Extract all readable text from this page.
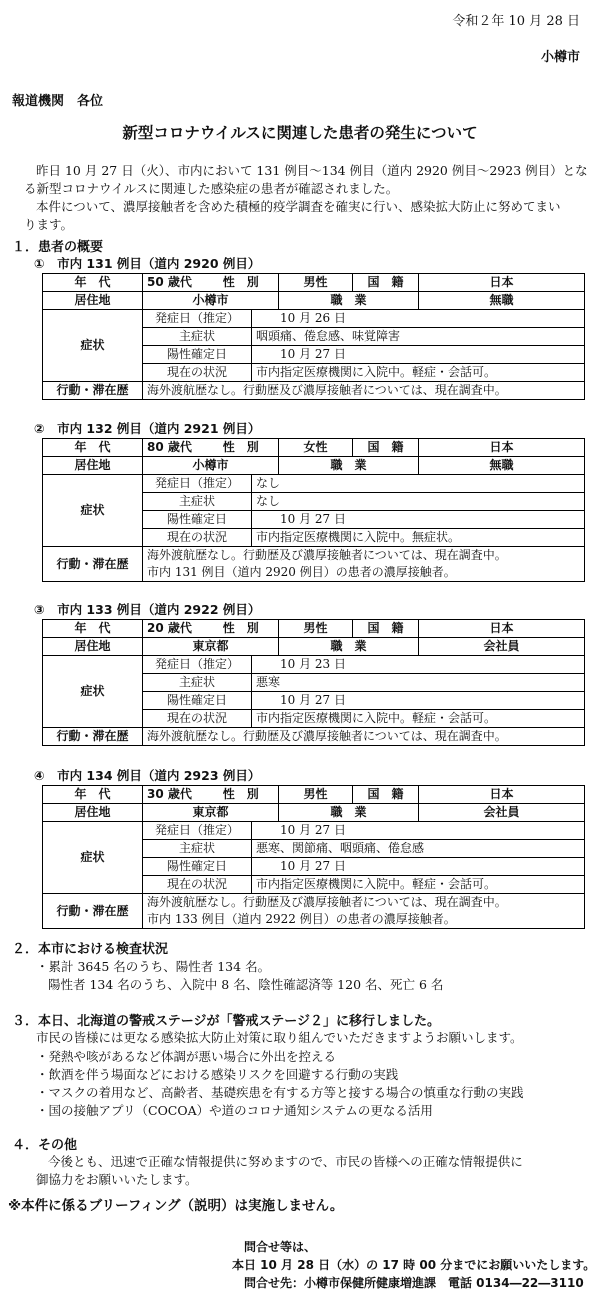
令和２年 10 月 28 日
小樽市
報道機関　各位
新型コロナウイルスに関連した患者の発生について

昨日 10 月 27 日（火）、市内において 131 例目〜134 例目（道内 2920 例目〜2923 例目）とな

る新型コロナウイルスに関連した感染症の患者が確認されました。

本件について、濃厚接触者を含めた積極的疫学調査を確実に行い、感染拡大防止に努めてまい

ります。

１．患者の概要
①　市内 131 例目（道内 2920 例目）
年　代	50 歳代	性　別		男性	国　籍	日本
居住地	小樽市			職　業		無職
症状	発症日（推定）		10 月 26 日			
	主症状		咽頭痛、倦怠感、味覚障害			
	陽性確定日		10 月 27 日			
	現在の状況		市内指定医療機関に入院中。軽症・会話可。			
行動・滞在歴	海外渡航歴なし。行動歴及び濃厚接触者については、現在調査中。					
②　市内 132 例目（道内 2921 例目）
年　代	80 歳代	性　別		女性	国　籍	日本
居住地	小樽市			職　業		無職
症状	発症日（推定）		なし			
	主症状		なし			
	陽性確定日		10 月 27 日			
	現在の状況		市内指定医療機関に入院中。無症状。			
行動・滞在歴	海外渡航歴なし。行動歴及び濃厚接触者については、現在調査中。					
	市内 131 例目（道内 2920 例目）の患者の濃厚接触者。					
③　市内 133 例目（道内 2922 例目）
年　代	20 歳代	性　別		男性	国　籍	日本
居住地	東京都			職　業		会社員
症状	発症日（推定）		10 月 23 日			
	主症状		悪寒			
	陽性確定日		10 月 27 日			
	現在の状況		市内指定医療機関に入院中。軽症・会話可。			
行動・滞在歴	海外渡航歴なし。行動歴及び濃厚接触者については、現在調査中。					
④　市内 134 例目（道内 2923 例目）
年　代	30 歳代	性　別		男性	国　籍	日本
居住地	東京都			職　業		会社員
症状	発症日（推定）		10 月 27 日			
	主症状		悪寒、関節痛、咽頭痛、倦怠感			
	陽性確定日		10 月 27 日			
	現在の状況		市内指定医療機関に入院中。軽症・会話可。			
行動・滞在歴	海外渡航歴なし。行動歴及び濃厚接触者については、現在調査中。					
	市内 133 例目（道内 2922 例目）の患者の濃厚接触者。					
２．本市における検査状況
・累計 3645 名のうち、陽性者 134 名。
陽性者 134 名のうち、入院中 8 名、陰性確認済等 120 名、死亡 6 名
３．本日、北海道の警戒ステージが「警戒ステージ２」に移行しました。
市民の皆様には更なる感染拡大防止対策に取り組んでいただきますようお願いします。
・発熱や咳があるなど体調が悪い場合に外出を控える
・飲酒を伴う場面などにおける感染リスクを回避する行動の実践
・マスクの着用など、高齢者、基礎疾患を有する方等と接する場合の慎重な行動の実践
・国の接触アプリ（COCOA）や道のコロナ通知システムの更なる活用
４．その他
今後とも、迅速で正確な情報提供に努めますので、市民の皆様への正確な情報提供に
御協力をお願いいたします。
※本件に係るブリーフィング（説明）は実施しません。
問合せ等は、
本日 10 月 28 日（水）の 17 時 00 分までにお願いいたします。
問合せ先：小樽市保健所健康増進課　電話 0134―22―3110
